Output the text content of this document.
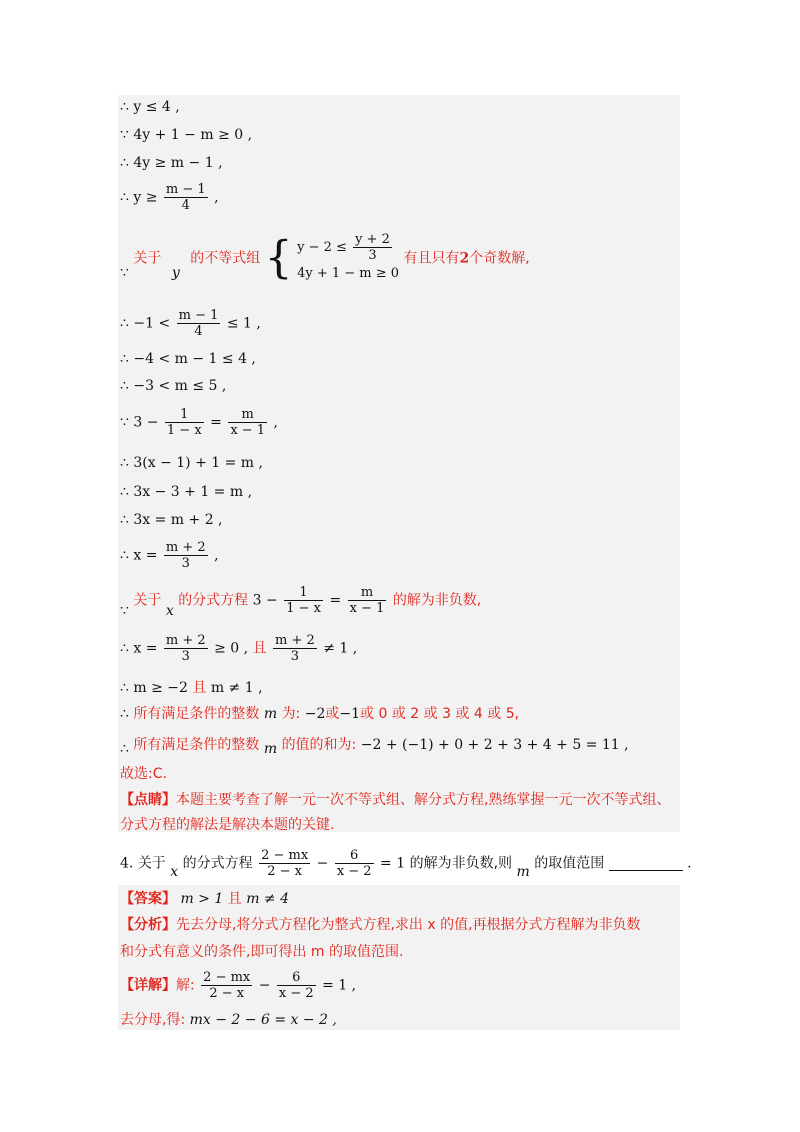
∴ y ≤ 4 ,
∵ 4y + 1 − m ≥ 0 ,
∴ 4y ≥ m − 1 ,
∴ $y \ge \frac{m - 1}{4}$ ,
∵ 关于 y 的不等式组 { $y - 2 \le \frac{y + 2}{3}$
4y + 1 − m ≥ 0
有且只有2个奇数解,
∴ $-1 < \frac{m - 1}{4} \le 1$ ,
∴ −4 < m − 1 ≤ 4 ,
∴ −3 < m ≤ 5 ,
∵ $3 - \frac{1}{1 - x} = \frac{m}{x - 1}$ ,
∴ 3(x − 1) + 1 = m ,
∴ 3x − 3 + 1 = m ,
∴ 3x = m + 2 ,
∴ $x = \frac{m + 2}{3}$ ,
∵ 关于 x 的分式方程 $3 - \frac{1}{1 - x} = \frac{m}{x - 1}$ 的解为非负数,
∴ $x = \frac{m + 2}{3} \ge 0$ , 且 $\frac{m + 2}{3} \ne 1$ ,
∴ m ≥ −2 且 m ≠ 1 ,
∴ 所有满足条件的整数 m 为: −2或−1或 0 或 2 或 3 或 4 或 5,
∴ 所有满足条件的整数 m 的值的和为: −2 + (−1) + 0 + 2 + 3 + 4 + 5 = 11 ,
故选:C.
【点睛】本题主要考查了解一元一次不等式组、解分式方程,熟练掌握一元一次不等式组、
分式方程的解法是解决本题的关键.
4. 关于 x 的分式方程 $\frac{2 - mx}{2 - x} - \frac{6}{x - 2} = 1$ 的解为非负数,则 m 的取值范围	.
【答案】 m > 1 且 m ≠ 4
【分析】先去分母,将分式方程化为整式方程,求出 x 的值,再根据分式方程解为非负数
和分式有意义的条件,即可得出 m 的取值范围.
【详解】解: $\frac{2 - mx}{2 - x} - \frac{6}{x - 2} = 1$ ,
去分母,得: mx − 2 − 6 = x − 2 ,
